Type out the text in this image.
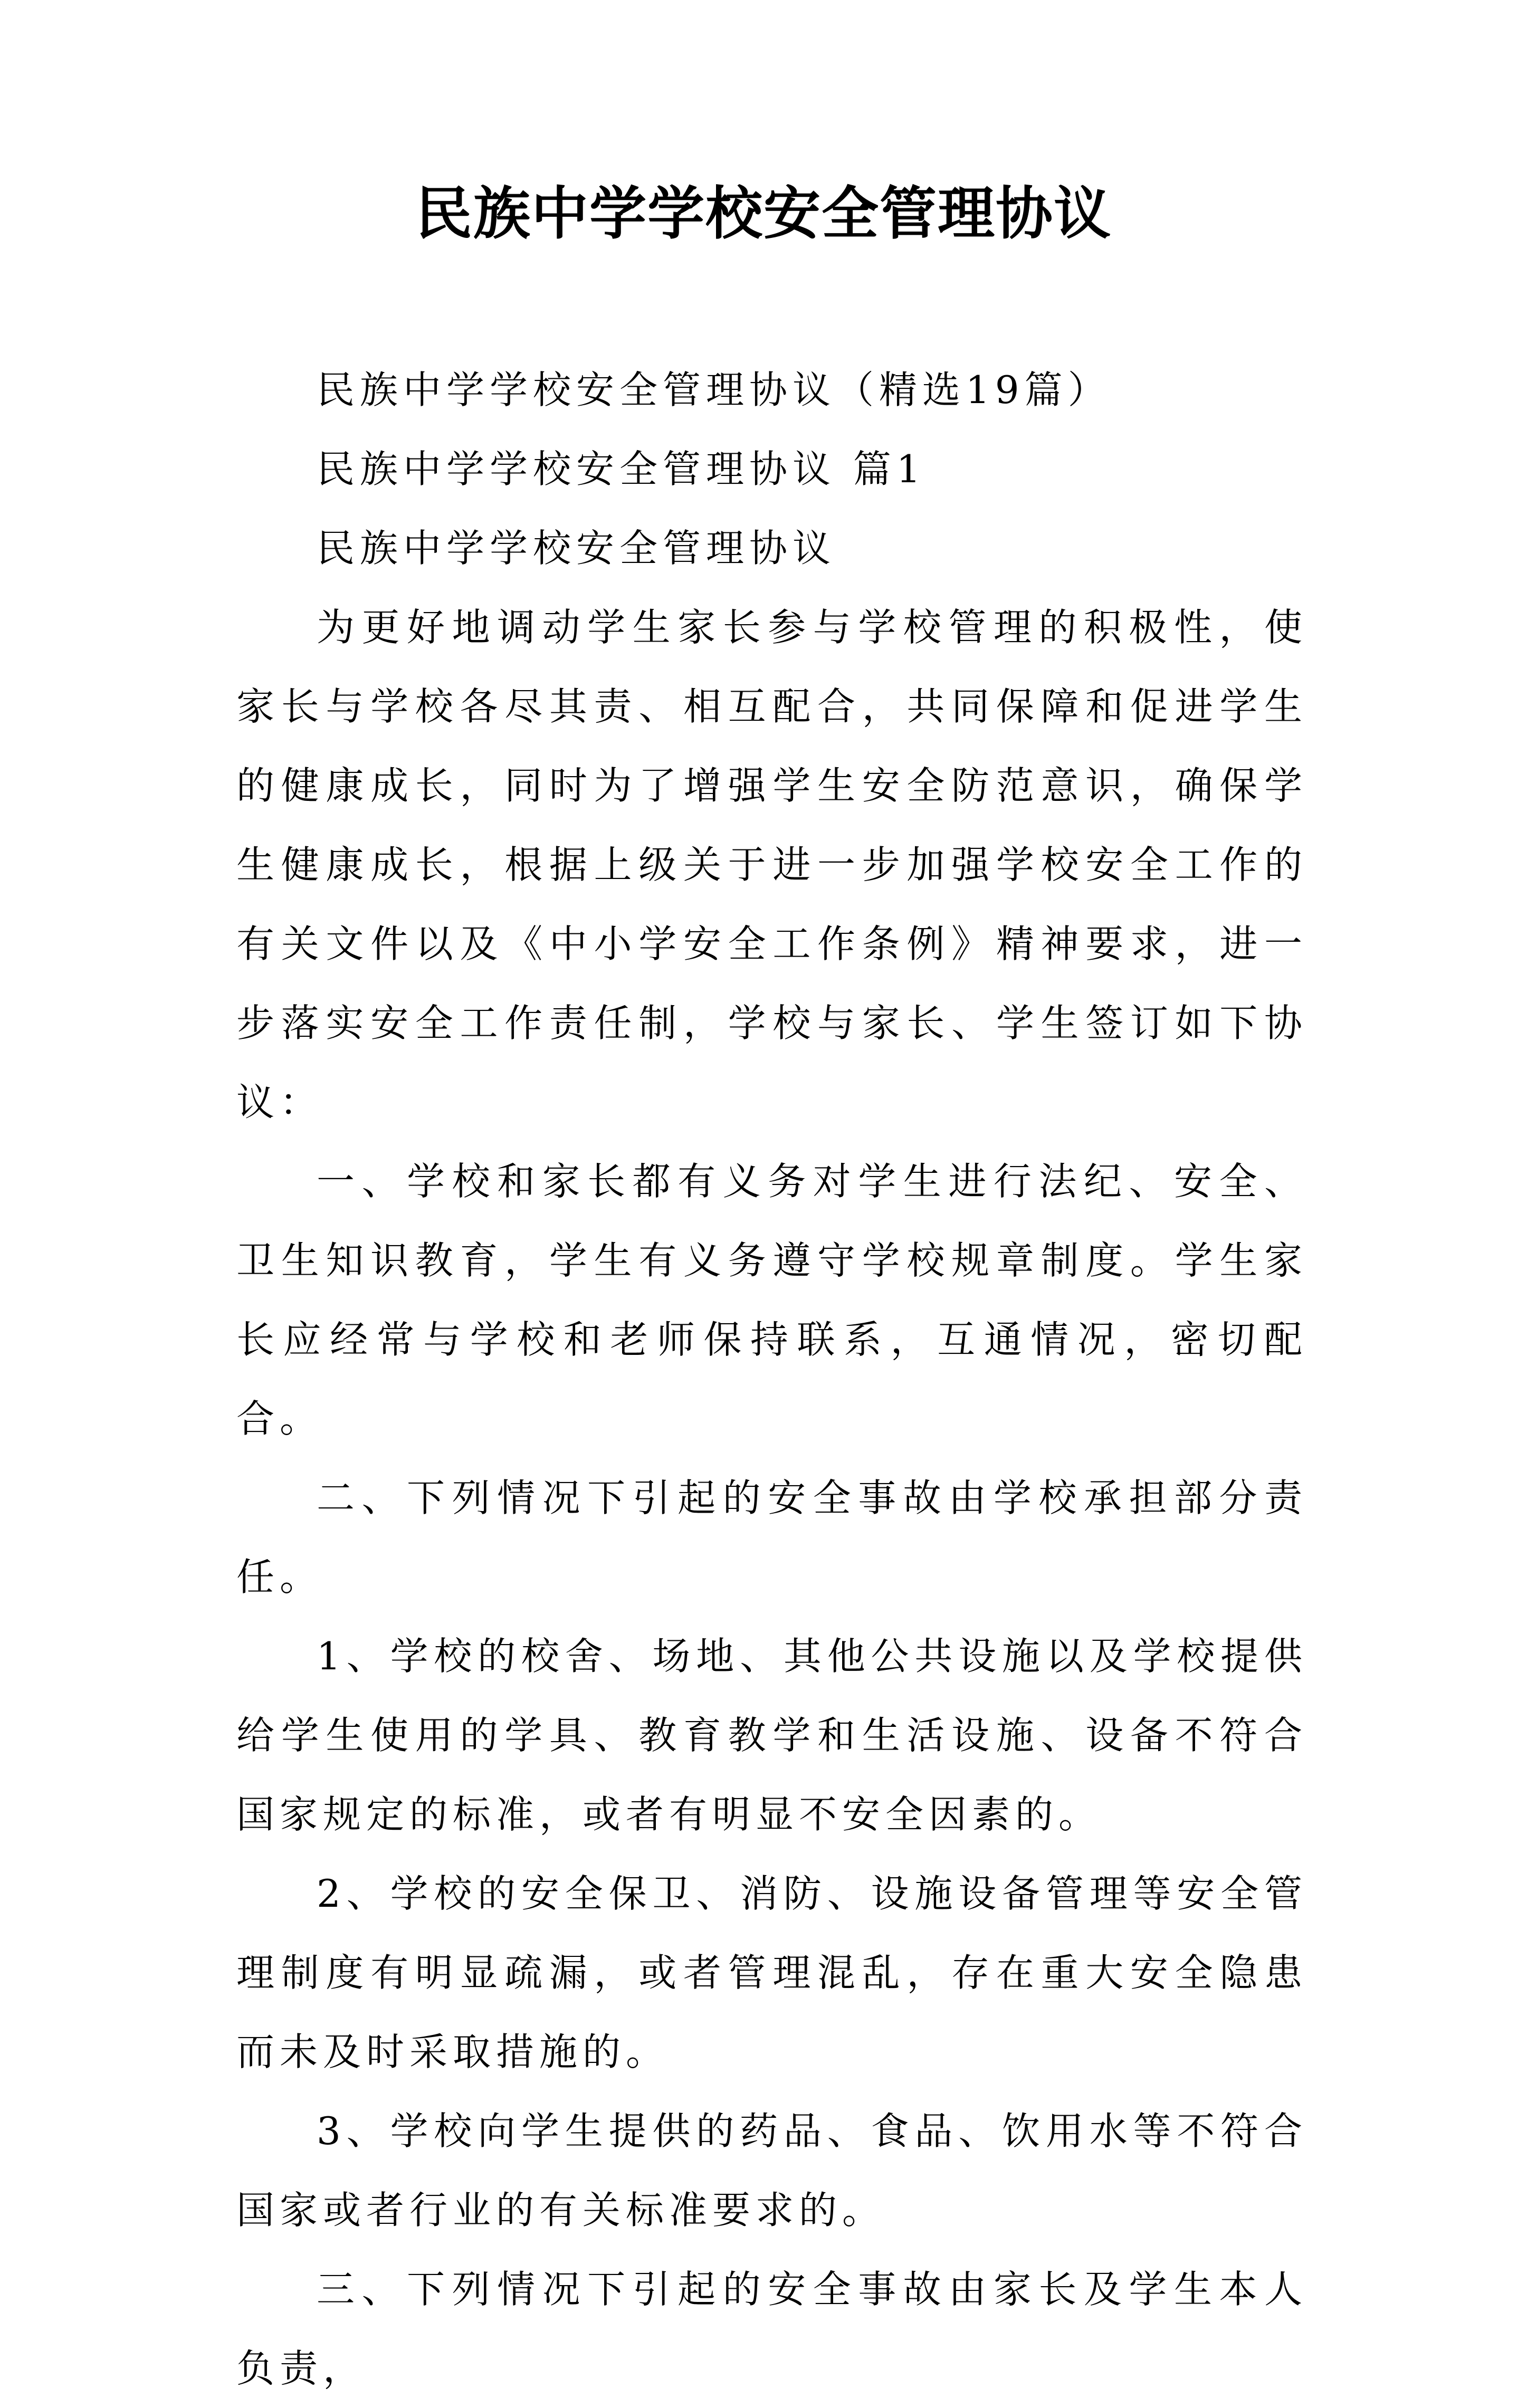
民族中学学校安全管理协议

民族中学学校安全管理协议（精选19篇）

民族中学学校安全管理协议 篇1

民族中学学校安全管理协议

为更好地调动学生家长参与学校管理的积极性，使家长与学校各尽其责、相互配合，共同保障和促进学生的健康成长，同时为了增强学生安全防范意识，确保学生健康成长，根据上级关于进一步加强学校安全工作的有关文件以及《中小学安全工作条例》精神要求，进一步落实安全工作责任制，学校与家长、学生签订如下协议：

一、学校和家长都有义务对学生进行法纪、安全、卫生知识教育，学生有义务遵守学校规章制度。学生家长应经常与学校和老师保持联系，互通情况，密切配合。

二、下列情况下引起的安全事故由学校承担部分责任。

1、学校的校舍、场地、其他公共设施以及学校提供给学生使用的学具、教育教学和生活设施、设备不符合国家规定的标准，或者有明显不安全因素的。

2、学校的安全保卫、消防、设施设备管理等安全管理制度有明显疏漏，或者管理混乱，存在重大安全隐患而未及时采取措施的。

3、学校向学生提供的药品、食品、饮用水等不符合国家或者行业的有关标准要求的。

三、下列情况下引起的安全事故由家长及学生本人负责，
